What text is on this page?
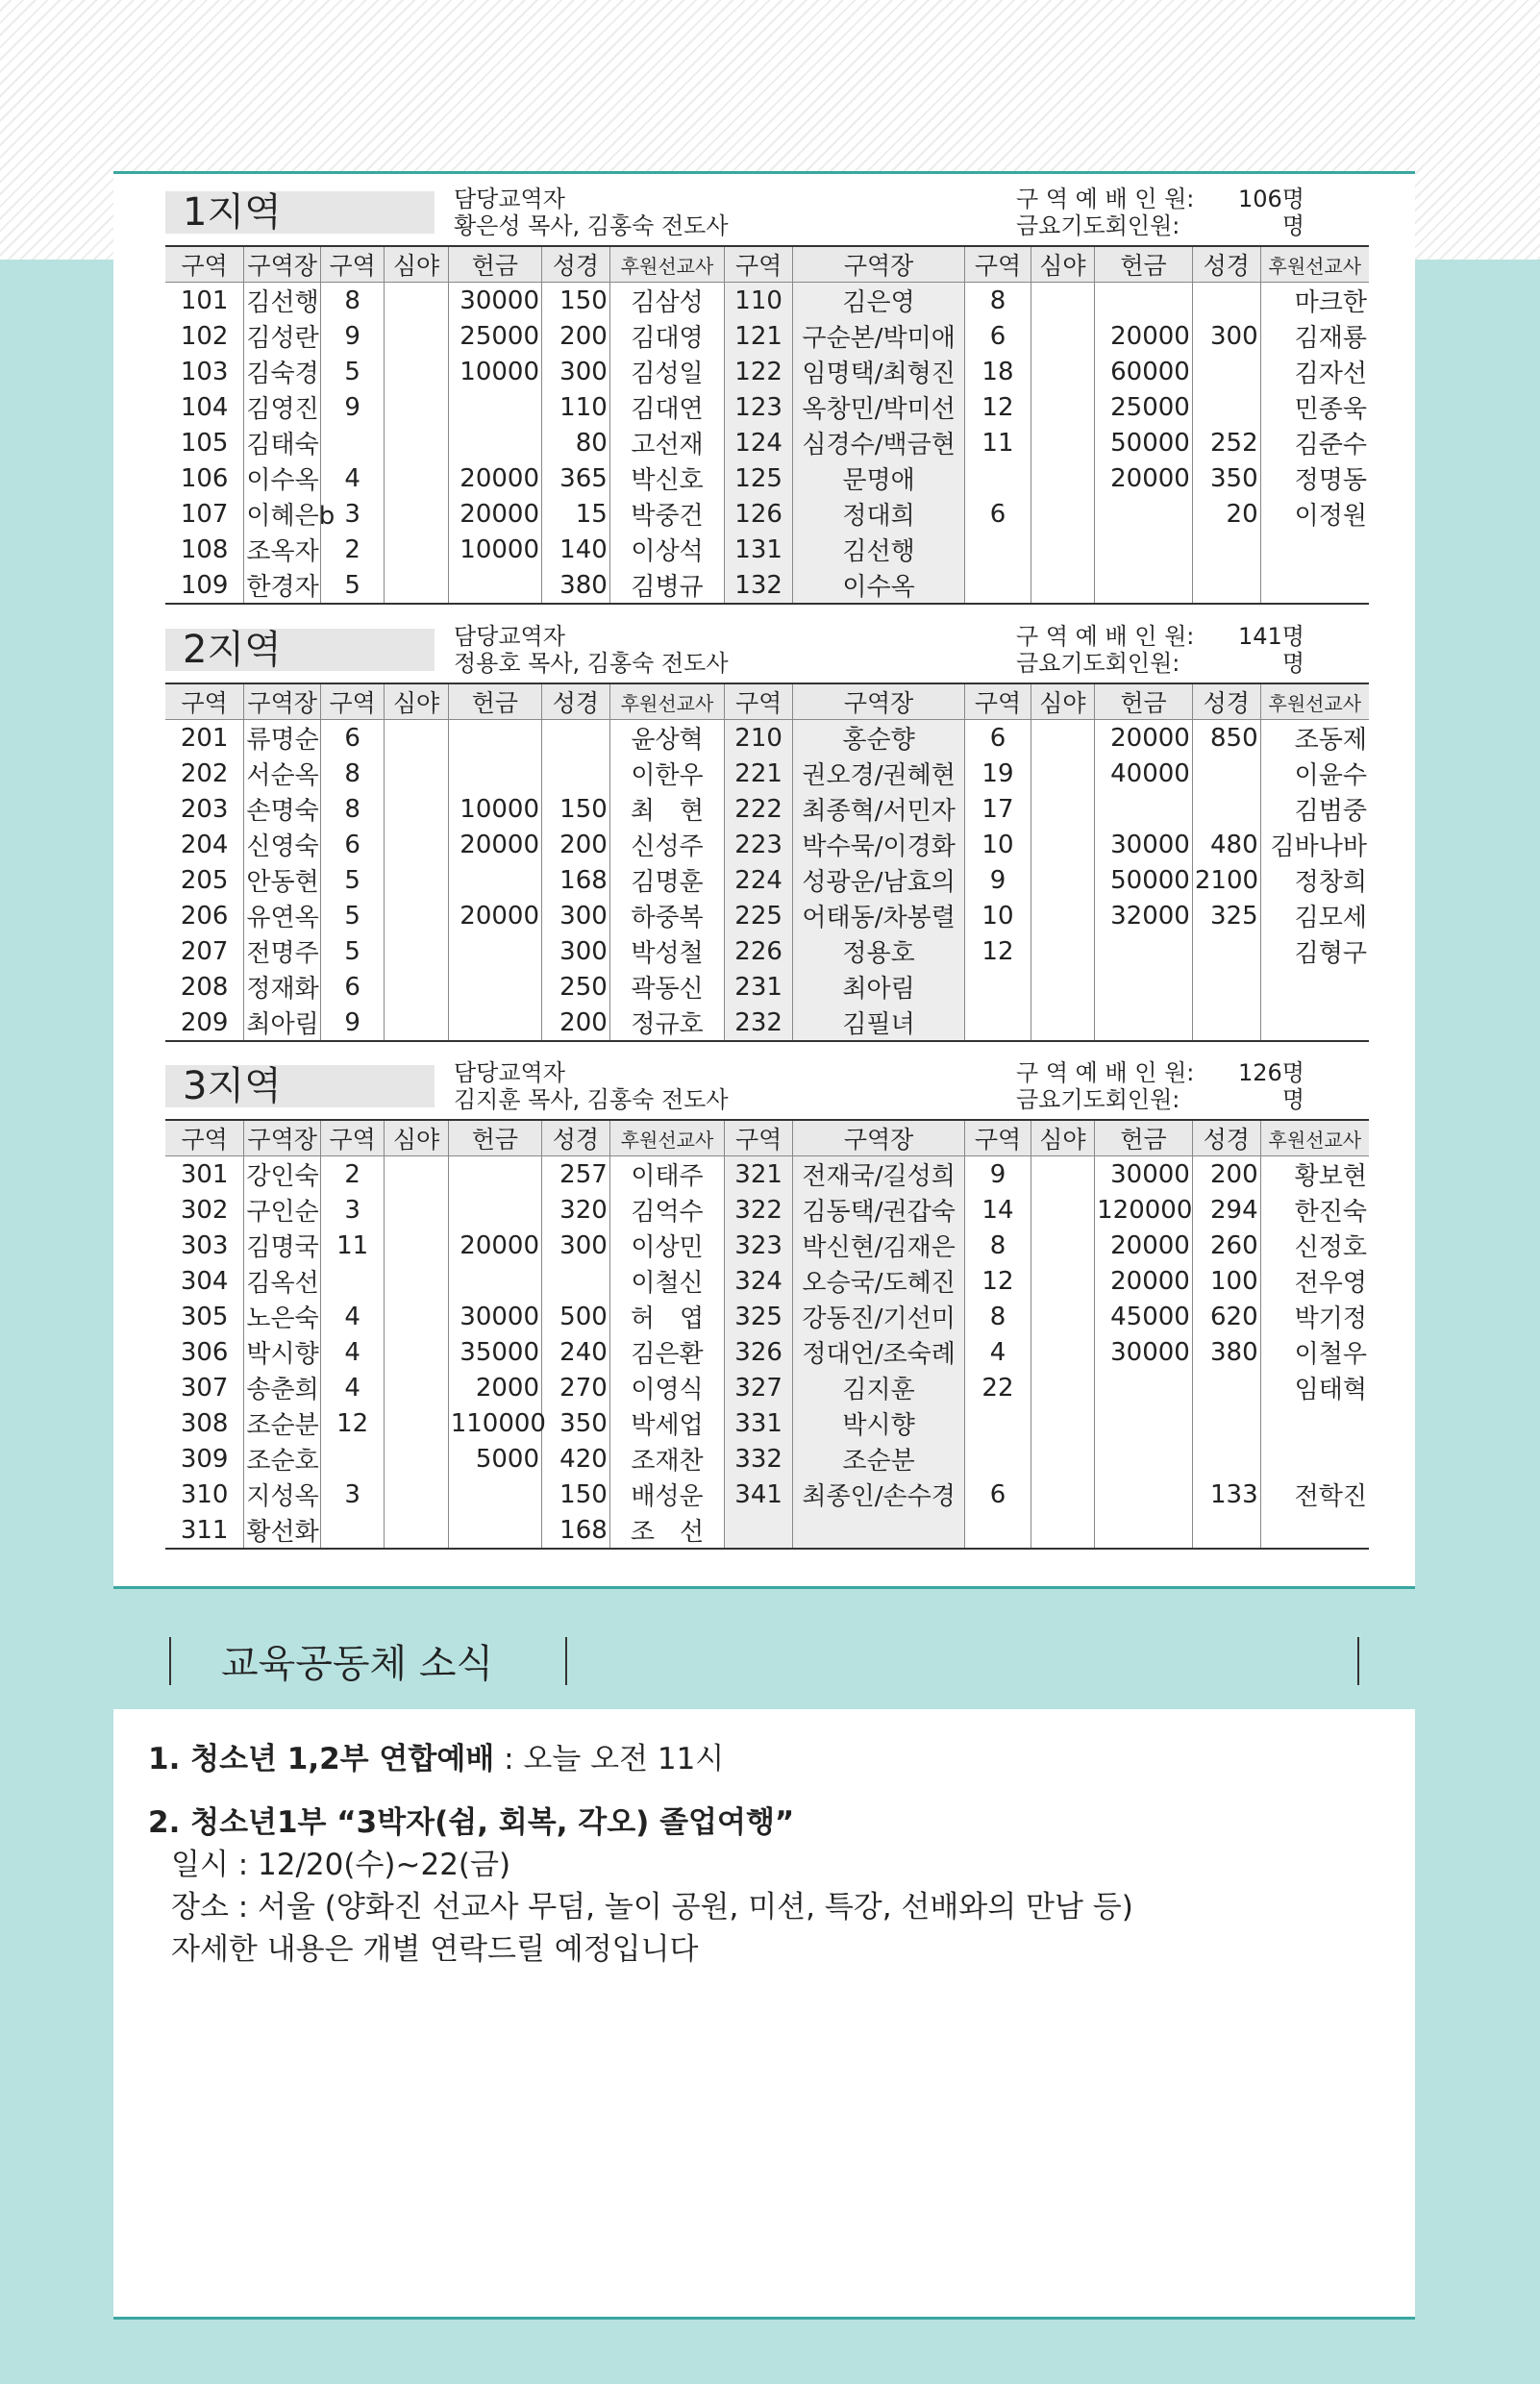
1지역	담당교역자
황은성 목사, 김홍숙 전도사
구 역 예 배 인 원:	106명
금요기도회인원:	명
구역	구역장	구역	심야	헌금	성경	후원선교사	구역	구역장	구역	심야	헌금	성경	후원선교사
101	김선행	8		30000	150	김삼성	110	김은영	8				마크한
102	김성란	9		25000	200	김대영	121	구순본/박미애	6		20000	300	김재룡
103	김숙경	5		10000	300	김성일	122	임명택/최형진	18		60000		김자선
104	김영진	9			110	김대연	123	옥창민/박미선	12		25000		민종욱
105	김태숙				80	고선재	124	심경수/백금현	11		50000	252	김준수
106	이수옥	4		20000	365	박신호	125	문명애			20000	350	정명동
107	이혜은b	3		20000	15	박중건	126	정대희	6			20	이정원
108	조옥자	2		10000	140	이상석	131	김선행					
109	한경자	5			380	김병규	132	이수옥					
2지역	담당교역자
정용호 목사, 김홍숙 전도사
구 역 예 배 인 원:	141명
금요기도회인원:	명
구역	구역장	구역	심야	헌금	성경	후원선교사	구역	구역장	구역	심야	헌금	성경	후원선교사
201	류명순	6				윤상혁	210	홍순향	6		20000	850	조동제
202	서순옥	8				이한우	221	권오경/권혜현	19		40000		이윤수
203	손명숙	8		10000	150	최　현	222	최종혁/서민자	17				김범중
204	신영숙	6		20000	200	신성주	223	박수묵/이경화	10		30000	480	김바나바
205	안동현	5			168	김명훈	224	성광운/남효의	9		50000	2100	정창희
206	유연옥	5		20000	300	하중복	225	어태동/차봉렬	10		32000	325	김모세
207	전명주	5			300	박성철	226	정용호	12				김형구
208	정재화	6			250	곽동신	231	최아림					
209	최아림	9			200	정규호	232	김필녀					
3지역	담당교역자
김지훈 목사, 김홍숙 전도사
구 역 예 배 인 원:	126명
금요기도회인원:	명
구역	구역장	구역	심야	헌금	성경	후원선교사	구역	구역장	구역	심야	헌금	성경	후원선교사
301	강인숙	2			257	이태주	321	전재국/길성희	9		30000	200	황보현
302	구인순	3			320	김억수	322	김동택/권갑숙	14		120000	294	한진숙
303	김명국	11		20000	300	이상민	323	박신현/김재은	8		20000	260	신정호
304	김옥선					이철신	324	오승국/도혜진	12		20000	100	전우영
305	노은숙	4		30000	500	허　엽	325	강동진/기선미	8		45000	620	박기정
306	박시향	4		35000	240	김은환	326	정대언/조숙례	4		30000	380	이철우
307	송춘희	4		2000	270	이영식	327	김지훈	22				임태혁
308	조순분	12		110000	350	박세업	331	박시향					
309	조순호			5000	420	조재찬	332	조순분					
310	지성옥	3			150	배성운	341	최종인/손수경	6			133	전학진
311	황선화				168	조　선							
교육공동체 소식
1. 청소년 1,2부 연합예배 : 오늘 오전 11시
2. 청소년1부 “3박자(쉼, 회복, 각오) 졸업여행”
일시 : 12/20(수)~22(금)
장소 : 서울 (양화진 선교사 무덤, 놀이 공원, 미션, 특강, 선배와의 만남 등)
자세한 내용은 개별 연락드릴 예정입니다
